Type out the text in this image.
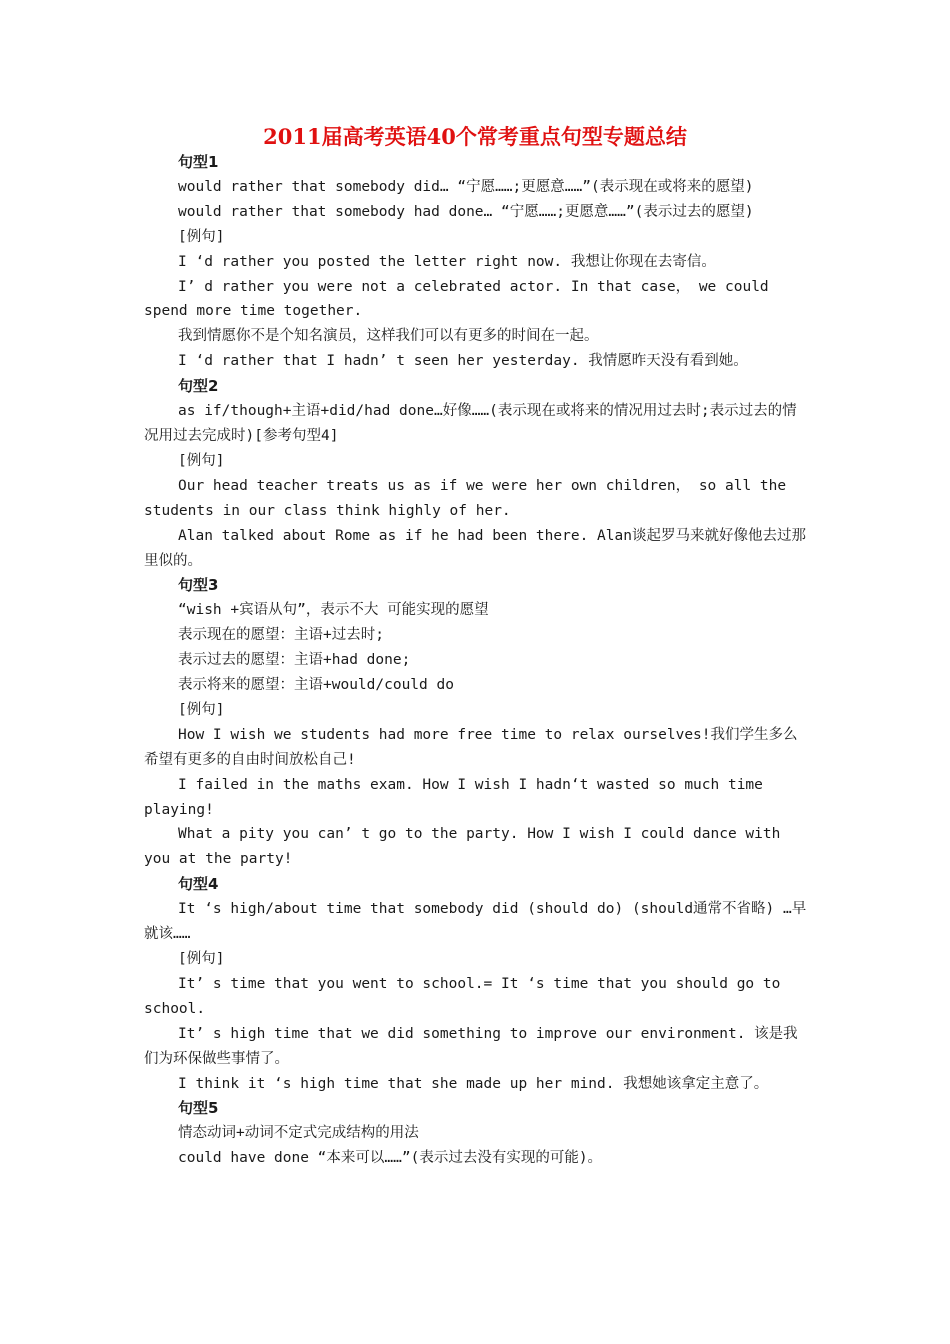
2011届高考英语40个常考重点句型专题总结
句型1
would rather that somebody did… “宁愿……;更愿意……”(表示现在或将来的愿望)
would rather that somebody had done… “宁愿……;更愿意……”(表示过去的愿望)
[例句]
I ‘d rather you posted the letter right now. 我想让你现在去寄信。
I’ d rather you were not a celebrated actor. In that case， we could spend more time together.
我到情愿你不是个知名演员，这样我们可以有更多的时间在一起。
I ‘d rather that I hadn’ t seen her yesterday. 我情愿昨天没有看到她。
句型2
as if/though+主语+did/had done…好像……(表示现在或将来的情况用过去时;表示过去的情况用过去完成时)[参考句型4]
[例句]
Our head teacher treats us as if we were her own children， so all the students in our class think highly of her.
Alan talked about Rome as if he had been there. Alan谈起罗马来就好像他去过那里似的。
句型3
“wish +宾语从句”，表示不大 可能实现的愿望
表示现在的愿望：主语+过去时;
表示过去的愿望：主语+had done;
表示将来的愿望：主语+would/could do
[例句]
How I wish we students had more free time to relax ourselves!我们学生多么希望有更多的自由时间放松自己!
I failed in the maths exam. How I wish I hadn‘t wasted so much time playing!
What a pity you can’ t go to the party. How I wish I could dance with you at the party!
句型4
It ‘s high/about time that somebody did (should do) (should通常不省略) …早就该……
[例句]
It’ s time that you went to school.= It ‘s time that you should go to school.
It’ s high time that we did something to improve our environment. 该是我们为环保做些事情了。
I think it ‘s high time that she made up her mind. 我想她该拿定主意了。
句型5
情态动词+动词不定式完成结构的用法
could have done “本来可以……”(表示过去没有实现的可能)。
